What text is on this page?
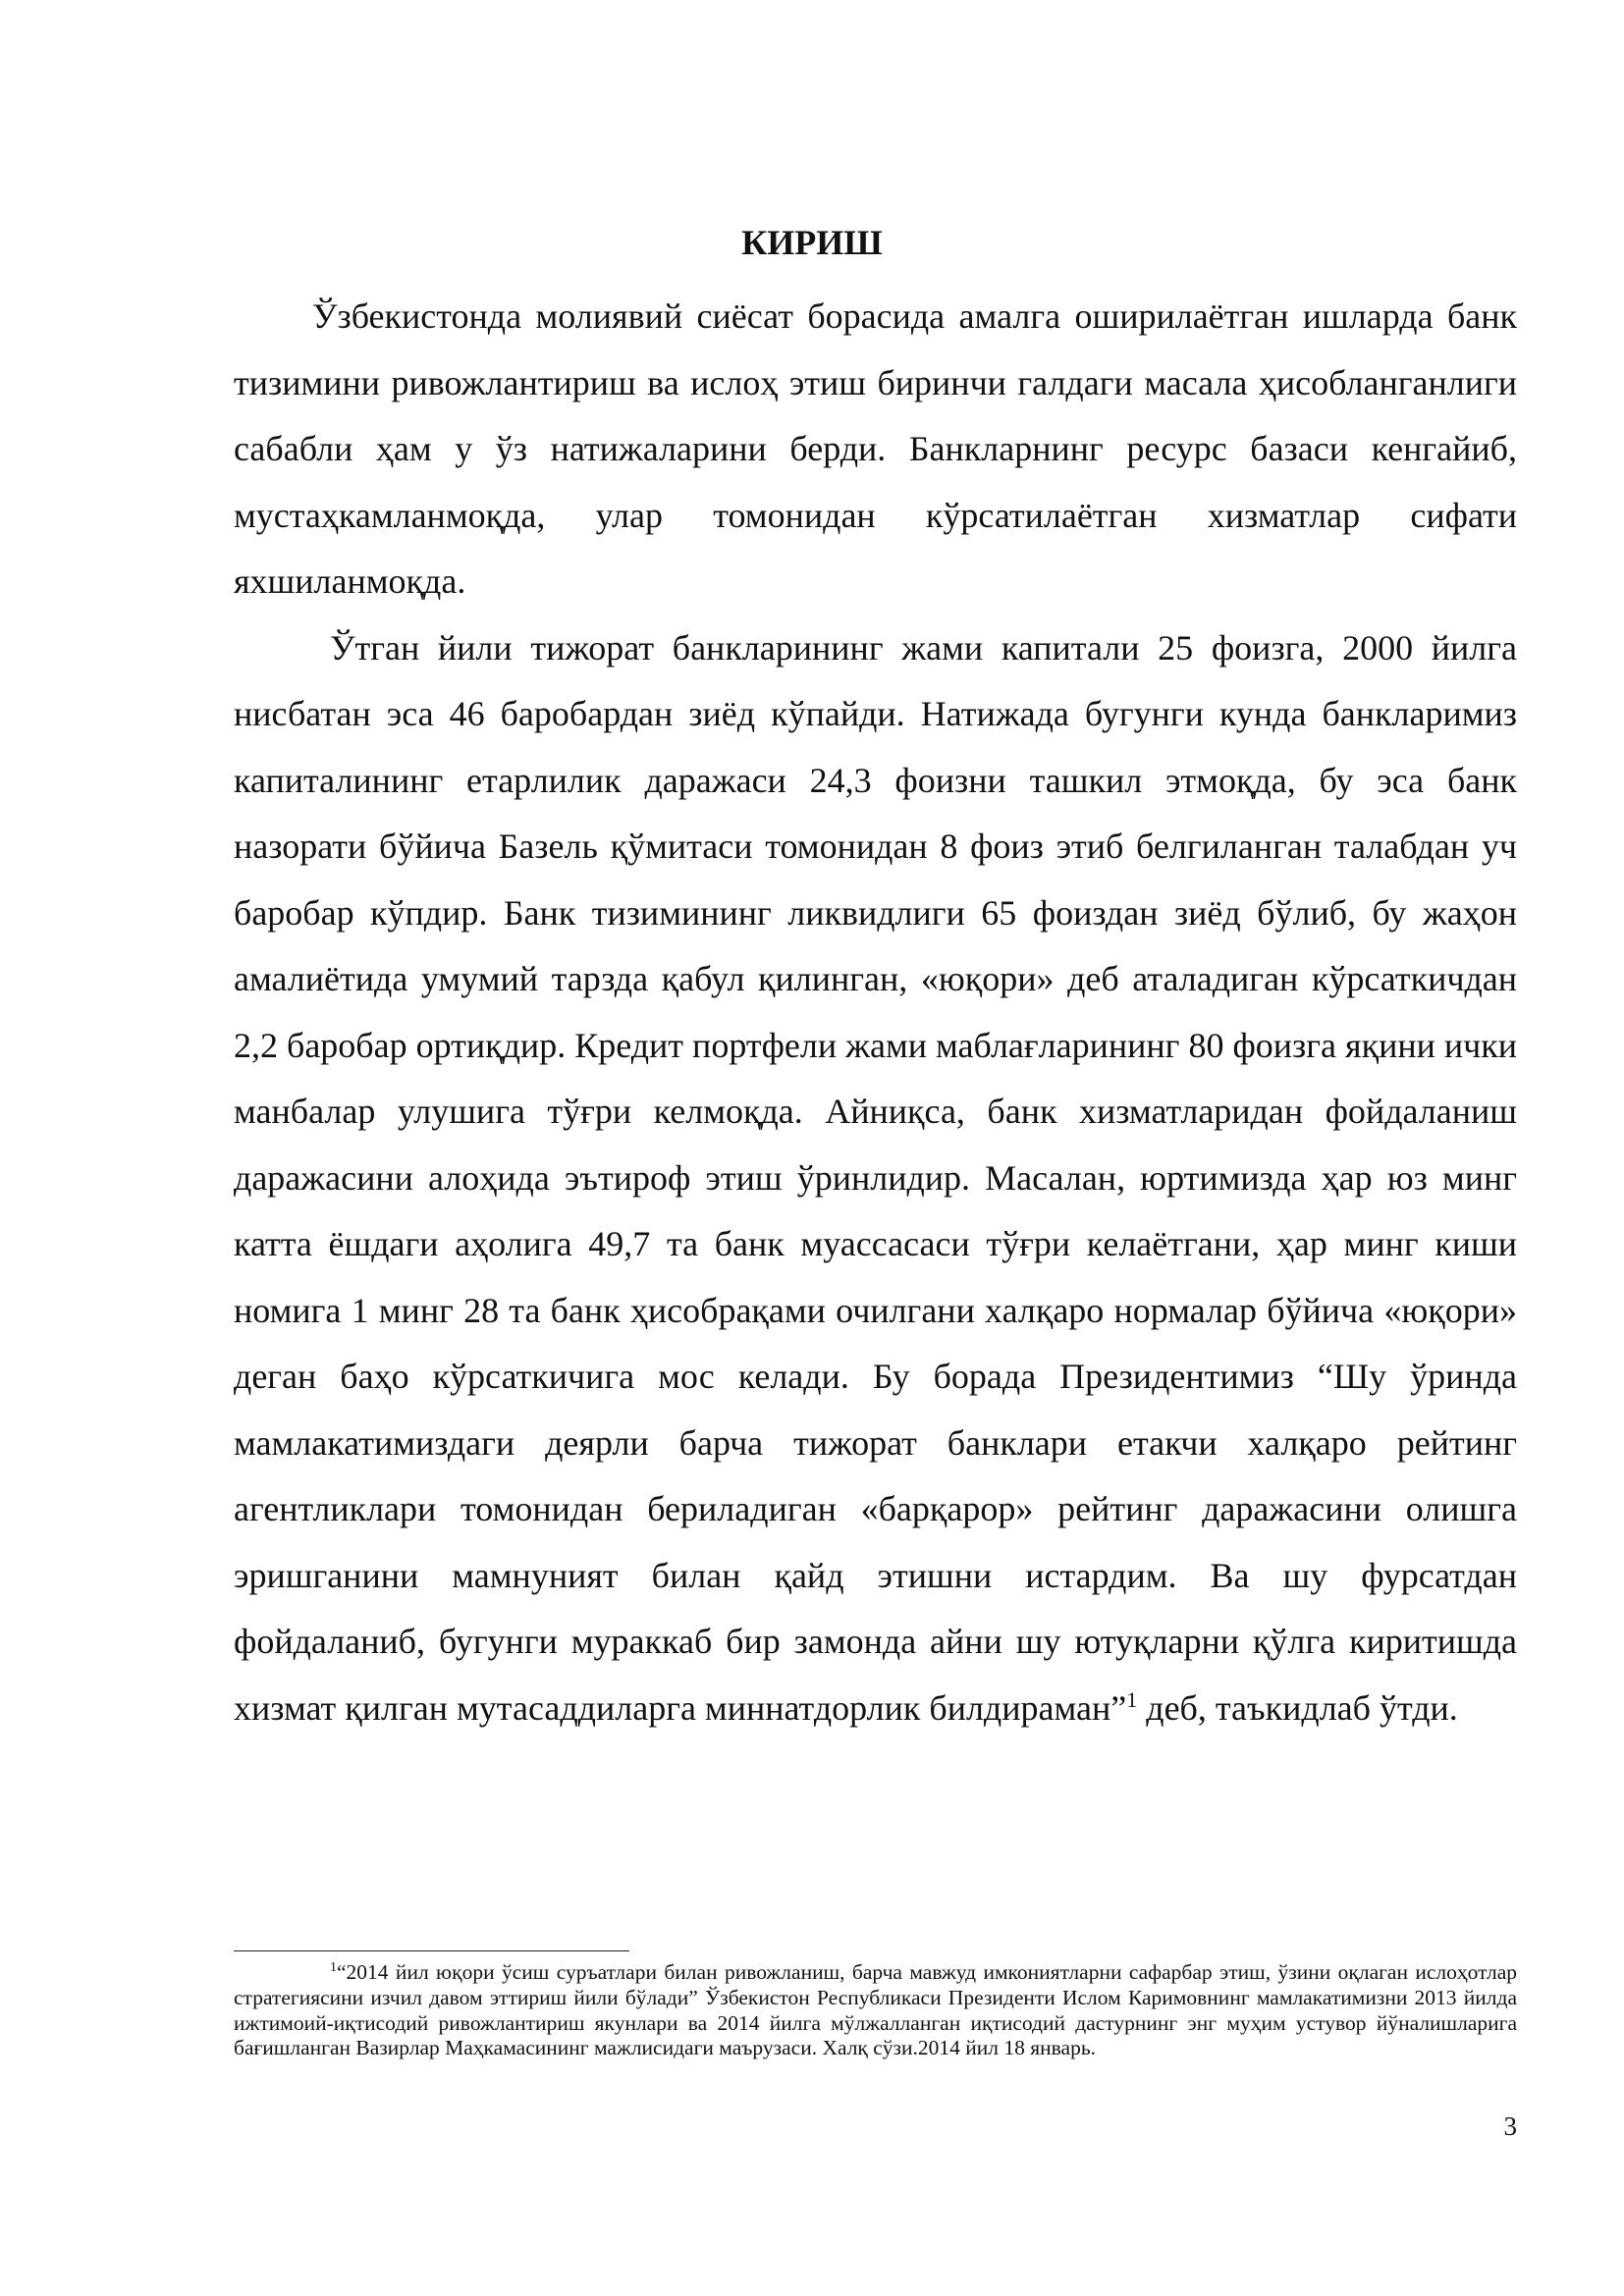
КИРИШ

Ўзбекистонда молиявий сиёсат борасида амалга оширилаётган ишларда банк тизимини ривожлантириш ва ислоҳ этиш биринчи галдаги масала ҳисобланганлиги сабабли ҳам у ўз натижаларини берди. Банкларнинг ресурс базаси кенгайиб, мустаҳкамланмоқда, улар томонидан кўрсатилаётган хизматлар сифати яхшиланмоқда.

Ўтган йили тижорат банкларининг жами капитали 25 фоизга, 2000 йилга нисбатан эса 46 баробардан зиёд кўпайди. Натижада бугунги кунда банкларимиз капиталининг етарлилик даражаси 24,3 фоизни ташкил этмоқда, бу эса банк назорати бўйича Базель қўмитаси томонидан 8 фоиз этиб белгиланган талабдан уч баробар кўпдир. Банк тизимининг ликвидлиги 65 фоиздан зиёд бўлиб, бу жаҳон амалиётида умумий тарзда қабул қилинган, «юқори» деб аталадиган кўрсаткичдан 2,2 баробар ортиқдир. Кредит портфели жами маблағларининг 80 фоизга яқини ички манбалар улушига тўғри келмоқда. Айниқса, банк хизматларидан фойдаланиш даражасини алоҳида эътироф этиш ўринлидир. Масалан, юртимизда ҳар юз минг катта ёшдаги аҳолига 49,7 та банк муассасаси тўғри келаётгани, ҳар минг киши номига 1 минг 28 та банк ҳисобрақами очилгани халқаро нормалар бўйича «юқори» деган баҳо кўрсаткичига мос келади. Бу борада Президентимиз “Шу ўринда мамлакатимиздаги деярли барча тижорат банклари етакчи халқаро рейтинг агентликлари томонидан бериладиган «барқарор» рейтинг даражасини олишга эришганини мамнуният билан қайд этишни истардим. Ва шу фурсатдан фойдаланиб, бугунги мураккаб бир замонда айни шу ютуқларни қўлга киритишда хизмат қилган мутасаддиларга миннатдорлик билдираман”$^1$ деб, таъкидлаб ўтди.

$^1$“2014 йил юқори ўсиш суръатлари билан ривожланиш, барча мавжуд имкониятларни сафарбар этиш, ўзини оқлаган ислоҳотлар стратегиясини изчил давом эттириш йили бўлади” Ўзбекистон Республикаси Президенти Ислом Каримовнинг мамлакатимизни 2013 йилда ижтимоий-иқтисодий ривожлантириш якунлари ва 2014 йилга мўлжалланган иқтисодий дастурнинг энг муҳим устувор йўналишларига бағишланган Вазирлар Маҳкамасининг мажлисидаги маърузаси. Халқ сўзи.2014 йил 18 январь.
3
